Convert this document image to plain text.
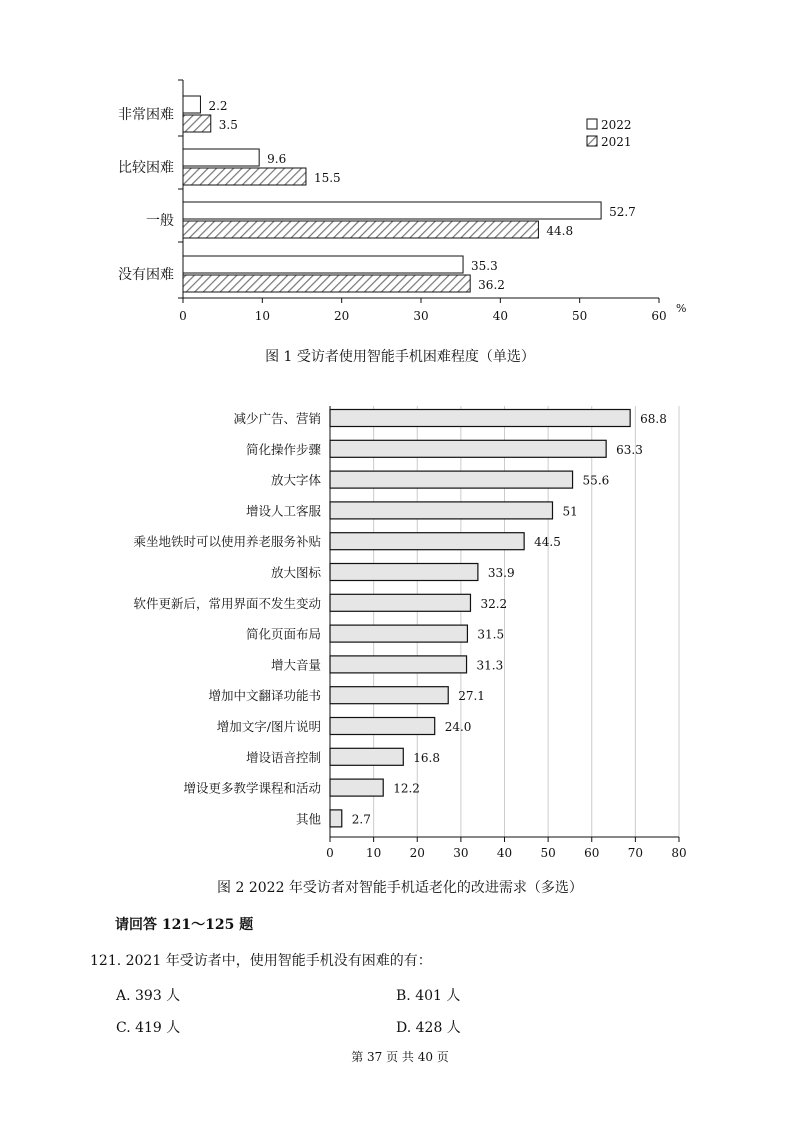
非常困难
2.2
3.5
比较困难
9.6
15.5
一般
52.7
44.8
没有困难
35.3
36.2
0	10	20	30	40	50	60
%
2022
2021
图 1 受访者使用智能手机困难程度（单选）
减少广告、营销	68.8
简化操作步骤	63.3
放大字体	55.6
增设人工客服	51
乘坐地铁时可以使用养老服务补贴	44.5
放大图标	33.9
软件更新后，常用界面不发生变动	32.2
简化页面布局	31.5
增大音量	31.3
增加中文翻译功能书	27.1
增加文字/图片说明	24.0
增设语音控制	16.8
增设更多教学课程和活动	12.2
其他	2.7
0	10 20 30 40 50 60 70 80
图 2 2022 年受访者对智能手机适老化的改进需求（多选）
请回答 121～125 题
121. 2021 年受访者中，使用智能手机没有困难的有：
A. 393 人	B. 401 人
C. 419 人	D. 428 人
第 37 页 共 40 页
